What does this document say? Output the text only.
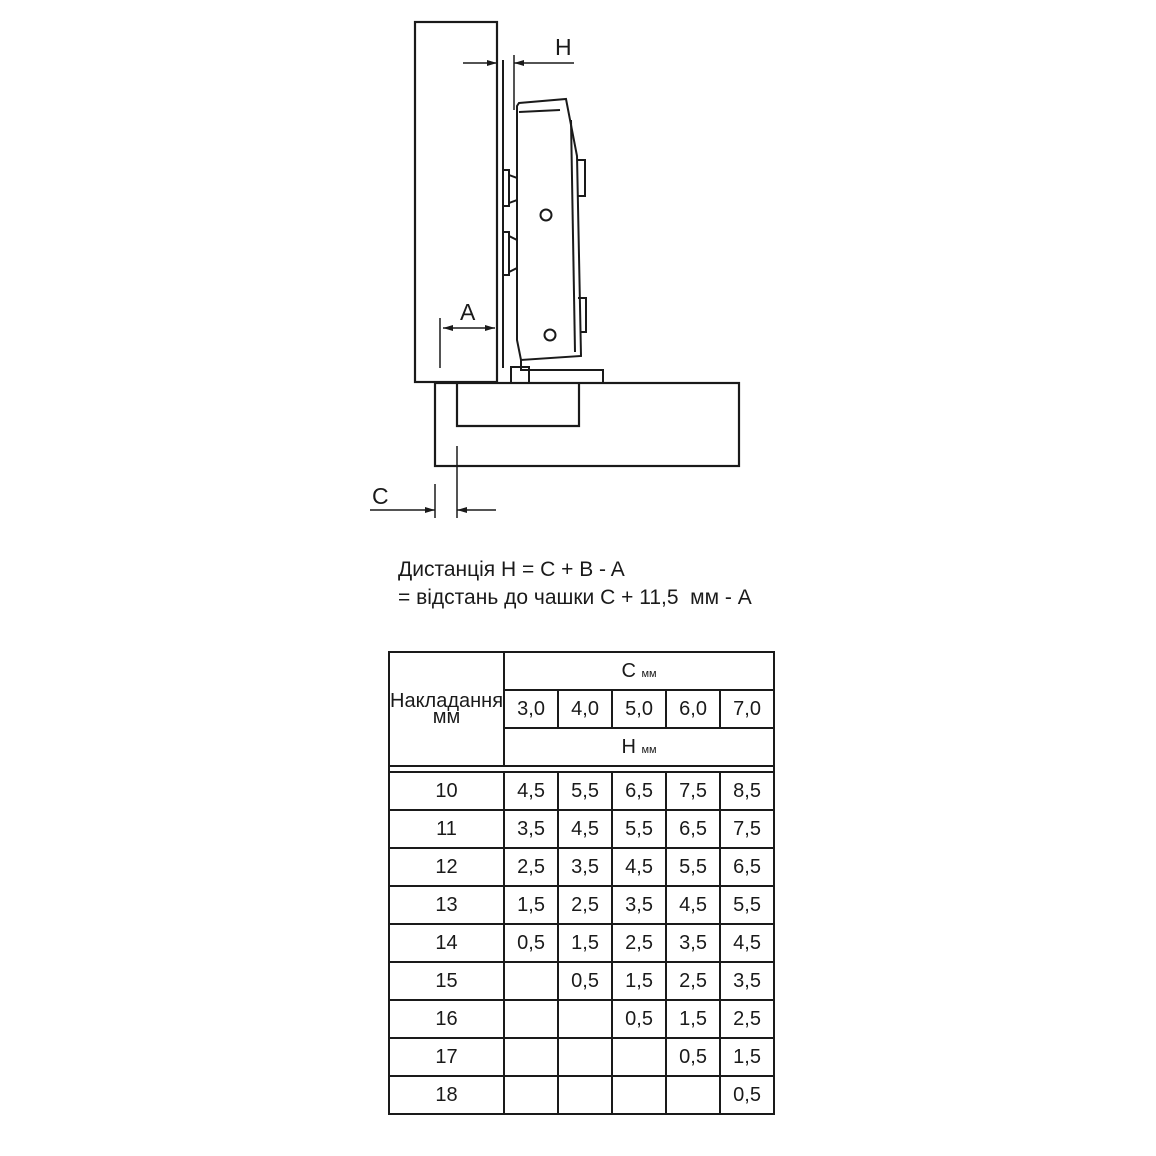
H
A
C
Дистанція H = C + B - A
= відстань до чашки C + 11,5  мм - A
Накладання
мм	C мм				
	3,0	4,0	5,0	6,0	7,0
	H мм				

10	4,5	5,5	6,5	7,5	8,5
11	3,5	4,5	5,5	6,5	7,5
12	2,5	3,5	4,5	5,5	6,5
13	1,5	2,5	3,5	4,5	5,5
14	0,5	1,5	2,5	3,5	4,5
15		0,5	1,5	2,5	3,5
16			0,5	1,5	2,5
17				0,5	1,5
18					0,5
